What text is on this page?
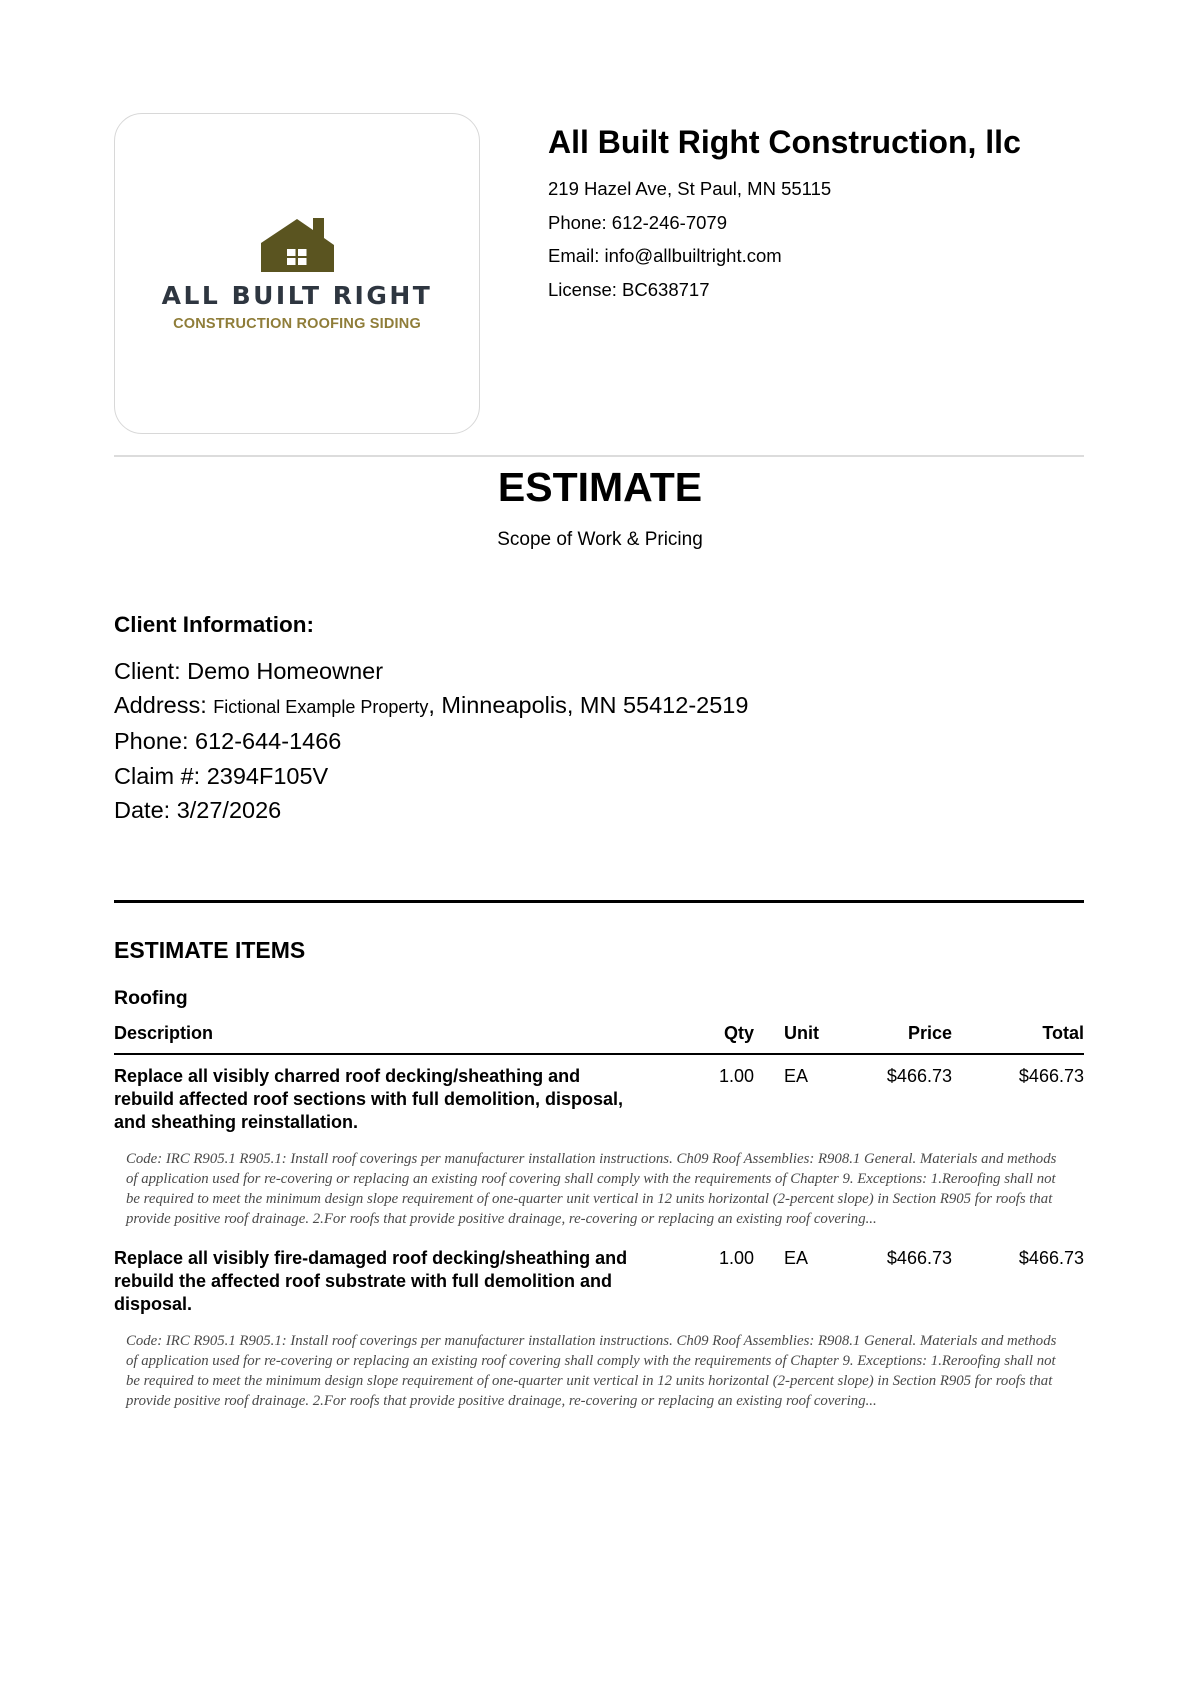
ALL BUILT RIGHT
CONSTRUCTION ROOFING SIDING
All Built Right Construction, llc
219 Hazel Ave, St Paul, MN 55115
Phone: 612-246-7079
Email: info@allbuiltright.com
License: BC638717
ESTIMATE
Scope of Work & Pricing
Client Information:
Client: Demo Homeowner
Address: Fictional Example Property, Minneapolis, MN 55412-2519
Phone: 612-644-1466
Claim #: 2394F105V
Date: 3/27/2026
ESTIMATE ITEMS
Roofing
Description	Qty	Unit	Price	Total
Replace all visibly charred roof decking/sheathing and rebuild affected roof sections with full demolition, disposal, and sheathing reinstallation.
1.00	EA	$466.73	$466.73
Code: IRC R905.1 R905.1: Install roof coverings per manufacturer installation instructions. Ch09 Roof Assemblies: R908.1 General. Materials and methods of application used for re-covering or replacing an existing roof covering shall comply with the requirements of Chapter 9. Exceptions: 1.Reroofing shall not be required to meet the minimum design slope requirement of one-quarter unit vertical in 12 units horizontal (2-percent slope) in Section R905 for roofs that provide positive roof drainage. 2.For roofs that provide positive drainage, re-covering or replacing an existing roof covering...
Replace all visibly fire-damaged roof decking/sheathing and rebuild the affected roof substrate with full demolition and disposal.
1.00	EA	$466.73	$466.73
Code: IRC R905.1 R905.1: Install roof coverings per manufacturer installation instructions. Ch09 Roof Assemblies: R908.1 General. Materials and methods of application used for re-covering or replacing an existing roof covering shall comply with the requirements of Chapter 9. Exceptions: 1.Reroofing shall not be required to meet the minimum design slope requirement of one-quarter unit vertical in 12 units horizontal (2-percent slope) in Section R905 for roofs that provide positive roof drainage. 2.For roofs that provide positive drainage, re-covering or replacing an existing roof covering...
